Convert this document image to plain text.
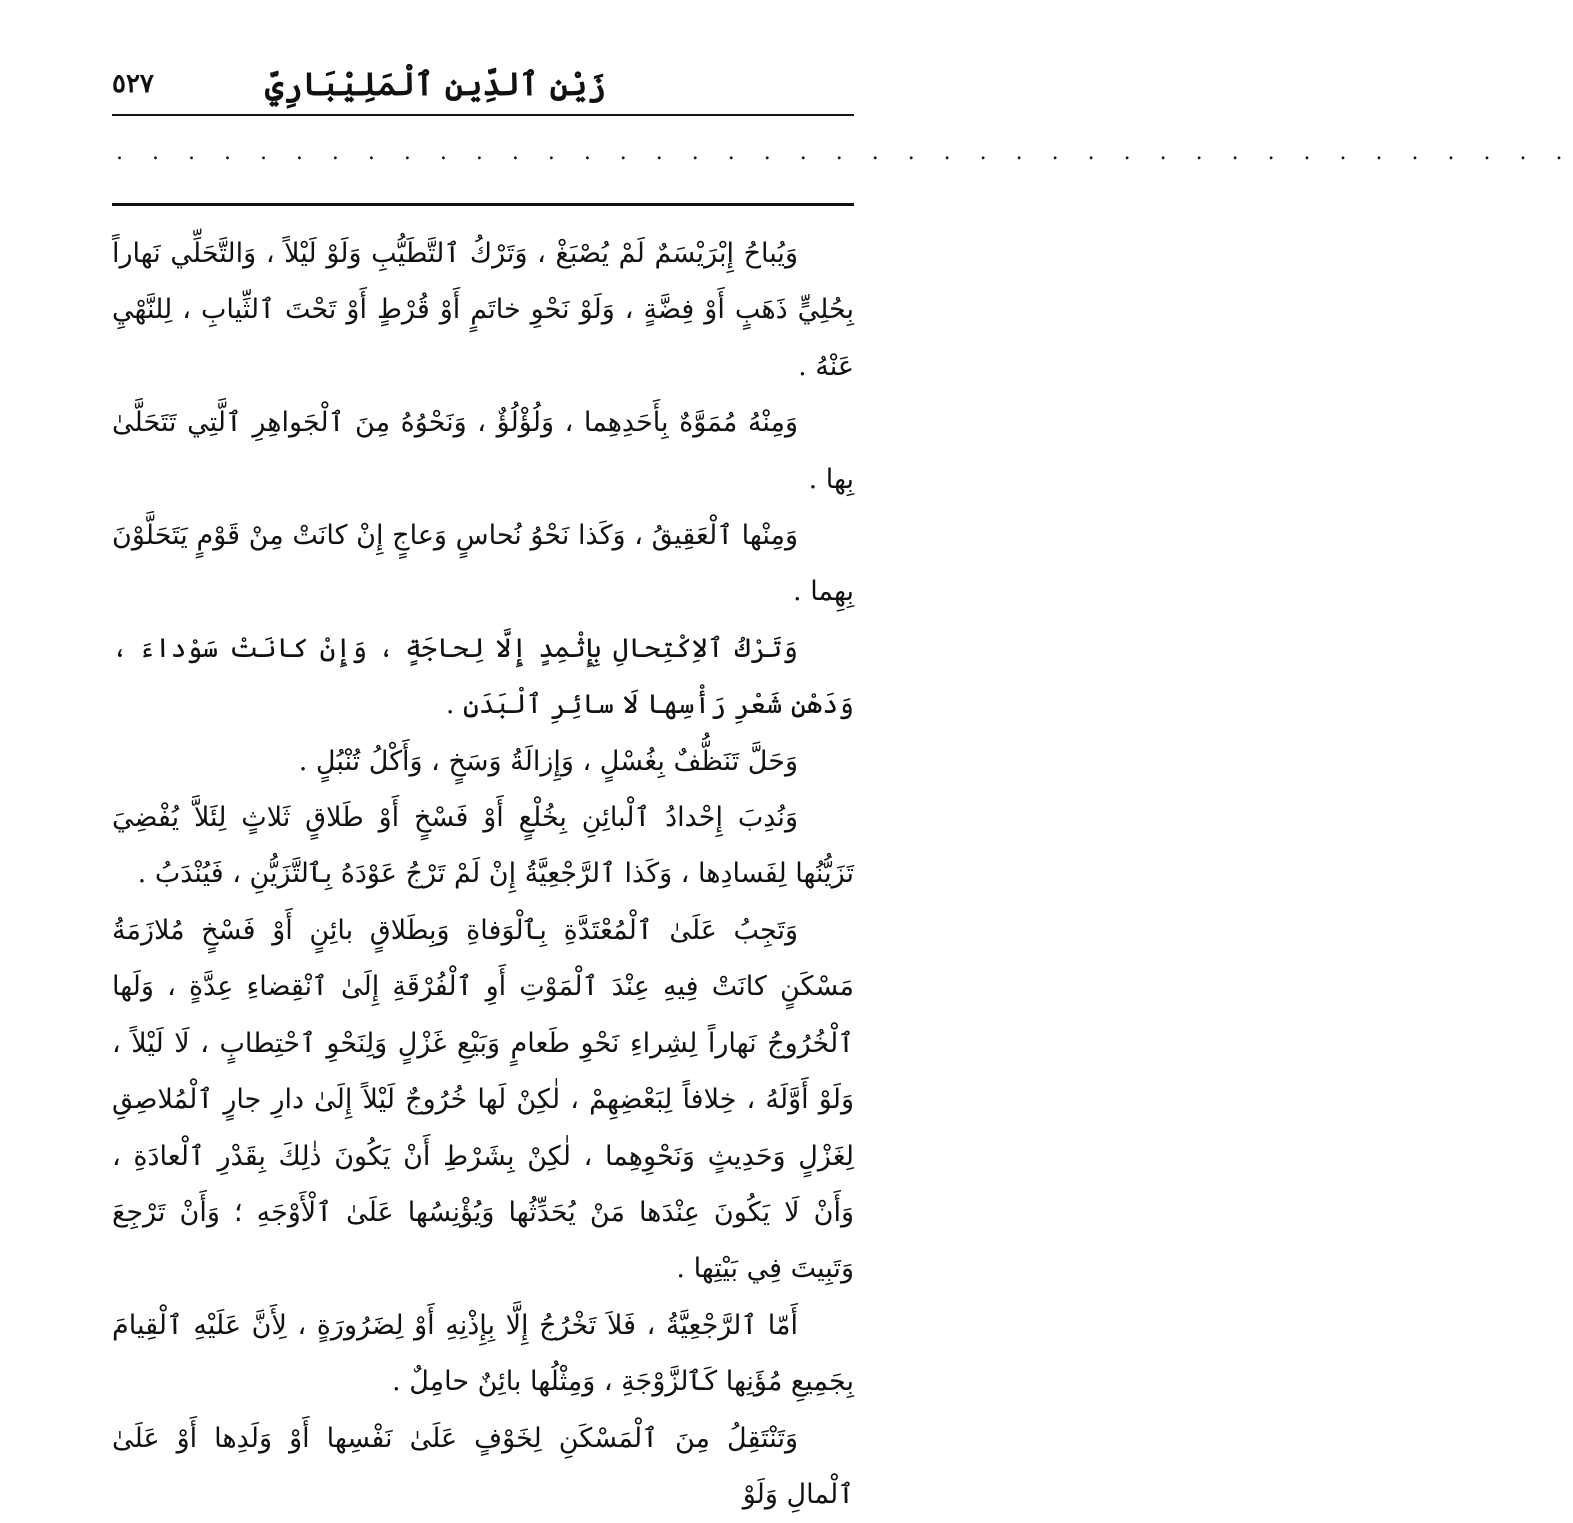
زَيْن ٱلدِّين ٱلْمَلِيْبَارِيِّ
٥٢٧
. . . . . . . . . . . . . . . . . . . . . . . . . . . . . . . . . . . . . . . . .

وَيُباحُ إِبْرَيْسَمٌ لَمْ يُصْبَغْ ، وَتَرْكُ ٱلتَّطَيُّبِ وَلَوْ لَيْلاً ، وَالتَّحَلِّي نَهاراً بِحُلِيٍّ ذَهَبٍ أَوْ فِضَّةٍ ، وَلَوْ نَحْوِ خاتَمٍ أَوْ قُرْطٍ أَوْ تَحْتَ ٱلثِّيابِ ، لِلنَّهْيِ عَنْهُ .

وَمِنْهُ مُمَوَّهٌ بِأَحَدِهِما ، وَلُؤْلُؤٌ ، وَنَحْوُهُ مِنَ ٱلْجَواهِرِ ٱلَّتِي تَتَحَلَّىٰ بِها .

وَمِنْها ٱلْعَقِيقُ ، وَكَذا نَحْوُ نُحاسٍ وَعاجٍ إِنْ كانَتْ مِنْ قَوْمٍ يَتَحَلَّوْنَ بِهِما .

وَتَرْكُ ٱلاِكْتِحالِ بِإِثْمِدٍ إِلَّا لِحاجَةٍ ، وَإِنْ كانَتْ سَوْداءَ ، وَدَهْنِ شَعْرِ رَأْسِها لَا سائِرِ ٱلْبَدَنِ .

وَحَلَّ تَنَظُّفٌ بِغُسْلٍ ، وَإِزالَةُ وَسَخٍ ، وَأَكْلُ تُنْبُلٍ .

وَنُدِبَ إِحْدادُ ٱلْبائِنِ بِخُلْعٍ أَوْ فَسْخٍ أَوْ طَلاقٍ ثَلاثٍ لِئَلاَّ يُفْضِيَ تَزَيُّنُها لِفَسادِها ، وَكَذا ٱلرَّجْعِيَّةُ إِنْ لَمْ تَرْجُ عَوْدَهُ بِٱلتَّزَيُّنِ ، فَيُنْدَبُ .

وَتَجِبُ عَلَىٰ ٱلْمُعْتَدَّةِ بِٱلْوَفاةِ وَبِطَلاقٍ بائِنٍ أَوْ فَسْخٍ مُلازَمَةُ مَسْكَنٍ كانَتْ فِيهِ عِنْدَ ٱلْمَوْتِ أَوِ ٱلْفُرْقَةِ إِلَىٰ ٱنْقِضاءِ عِدَّةٍ ، وَلَها ٱلْخُرُوجُ نَهاراً لِشِراءِ نَحْوِ طَعامٍ وَبَيْعِ غَزْلٍ وَلِنَحْوِ ٱحْتِطابٍ ، لَا لَيْلاً ، وَلَوْ أَوَّلَهُ ، خِلافاً لِبَعْضِهِمْ ، لٰكِنْ لَها خُرُوجٌ لَيْلاً إِلَىٰ دارِ جارٍ ٱلْمُلاصِقِ لِغَزْلٍ وَحَدِيثٍ وَنَحْوِهِما ، لٰكِنْ بِشَرْطِ أَنْ يَكُونَ ذٰلِكَ بِقَدْرِ ٱلْعادَةِ ، وَأَنْ لَا يَكُونَ عِنْدَها مَنْ يُحَدِّثُها وَيُؤْنِسُها عَلَىٰ ٱلْأَوْجَهِ ؛ وَأَنْ تَرْجِعَ وَتَبِيتَ فِي بَيْتِها .

أَمّا ٱلرَّجْعِيَّةُ ، فَلاَ تَخْرُجُ إِلَّا بِإِذْنِهِ أَوْ لِضَرُورَةٍ ، لِأَنَّ عَلَيْهِ ٱلْقِيامَ بِجَمِيعِ مُؤَنِها كَٱلزَّوْجَةِ ، وَمِثْلُها بائِنٌ حامِلٌ .

وَتَنْتَقِلُ مِنَ ٱلْمَسْكَنِ لِخَوْفٍ عَلَىٰ نَفْسِها أَوْ وَلَدِها أَوْ عَلَىٰ ٱلْمالِ وَلَوْ
